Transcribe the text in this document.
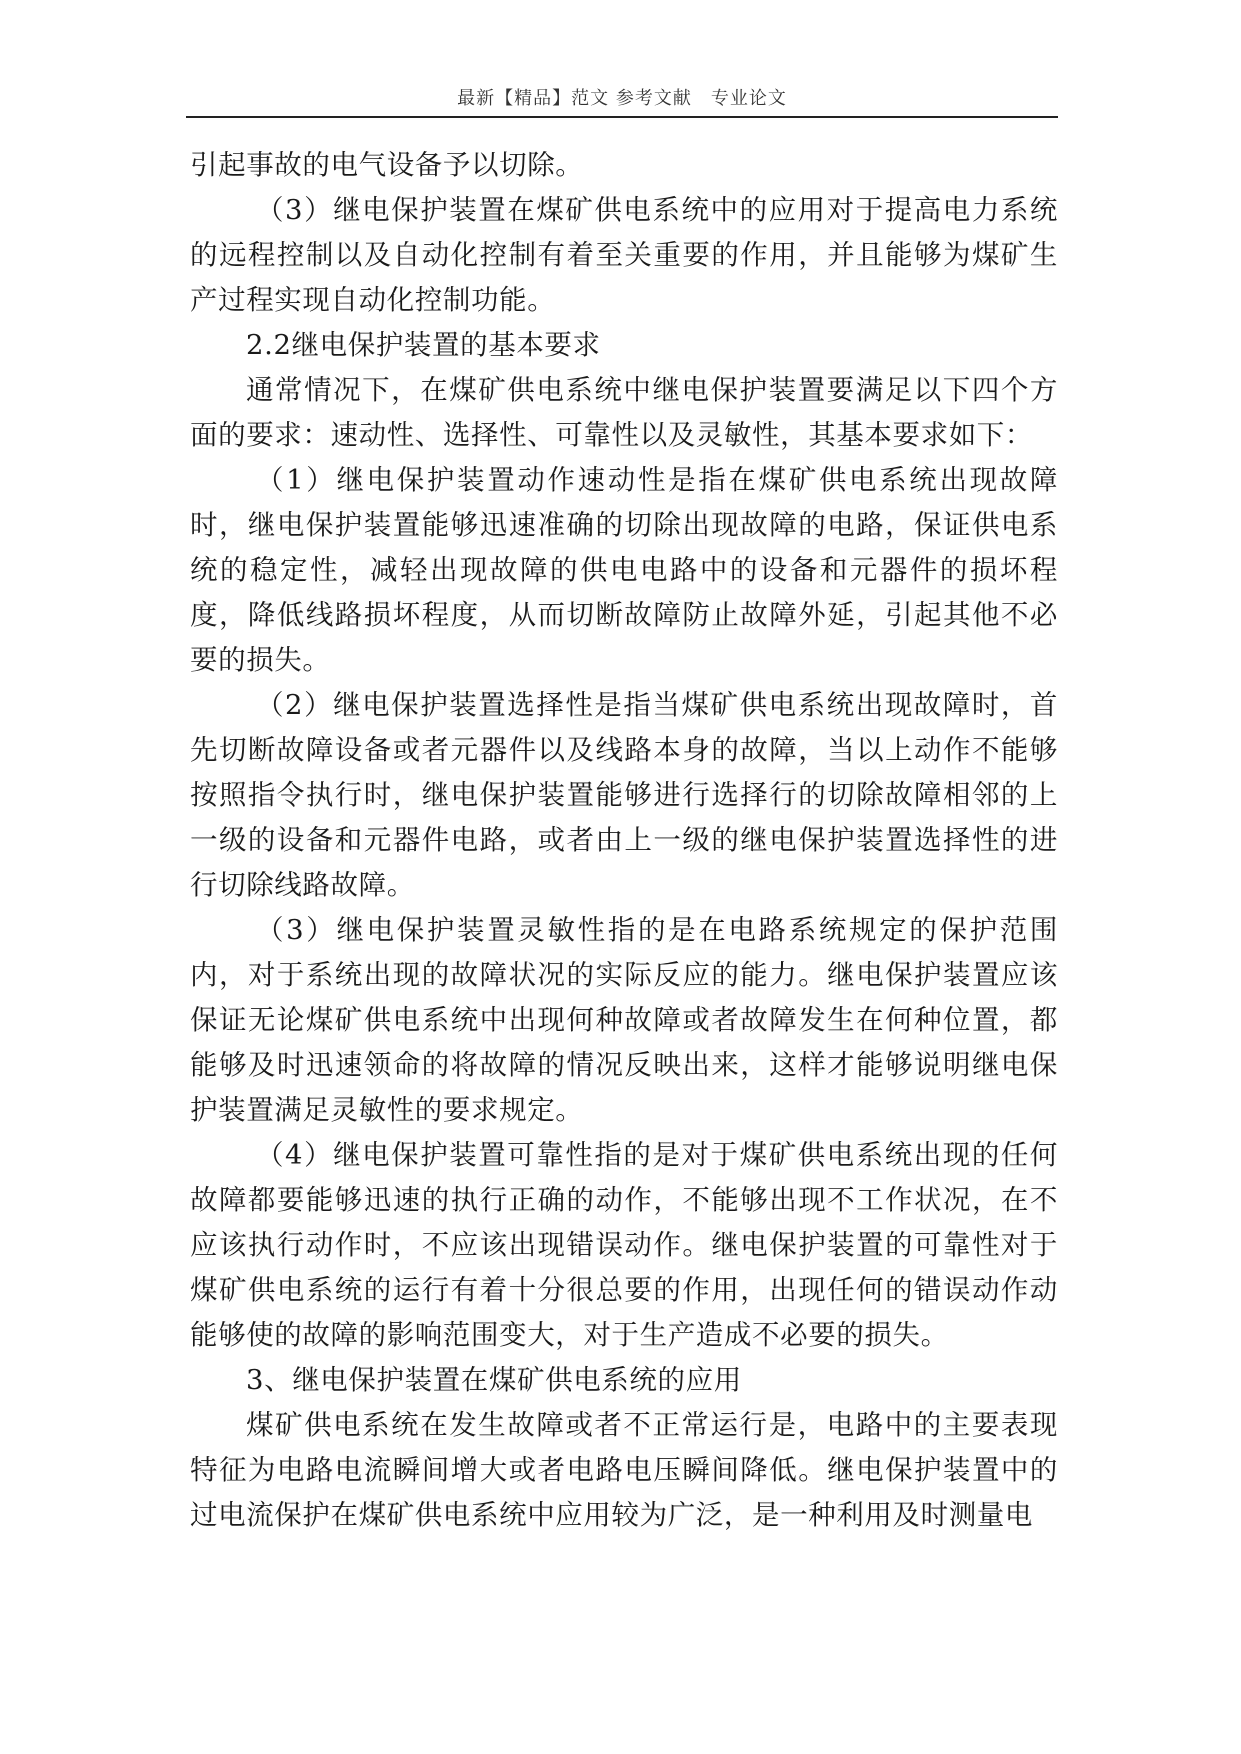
最新【精品】范文 参考文献　专业论文

引起事故的电气设备予以切除。

（3）继电保护装置在煤矿供电系统中的应用对于提高电力系统的远程控制以及自动化控制有着至关重要的作用，并且能够为煤矿生产过程实现自动化控制功能。

2.2继电保护装置的基本要求

通常情况下，在煤矿供电系统中继电保护装置要满足以下四个方面的要求：速动性、选择性、可靠性以及灵敏性，其基本要求如下：

（1）继电保护装置动作速动性是指在煤矿供电系统出现故障时，继电保护装置能够迅速准确的切除出现故障的电路，保证供电系统的稳定性，减轻出现故障的供电电路中的设备和元器件的损坏程度，降低线路损坏程度，从而切断故障防止故障外延，引起其他不必要的损失。

（2）继电保护装置选择性是指当煤矿供电系统出现故障时，首先切断故障设备或者元器件以及线路本身的故障，当以上动作不能够按照指令执行时，继电保护装置能够进行选择行的切除故障相邻的上一级的设备和元器件电路，或者由上一级的继电保护装置选择性的进行切除线路故障。

（3）继电保护装置灵敏性指的是在电路系统规定的保护范围内，对于系统出现的故障状况的实际反应的能力。继电保护装置应该保证无论煤矿供电系统中出现何种故障或者故障发生在何种位置，都能够及时迅速领命的将故障的情况反映出来，这样才能够说明继电保护装置满足灵敏性的要求规定。

（4）继电保护装置可靠性指的是对于煤矿供电系统出现的任何故障都要能够迅速的执行正确的动作，不能够出现不工作状况，在不应该执行动作时，不应该出现错误动作。继电保护装置的可靠性对于煤矿供电系统的运行有着十分很总要的作用，出现任何的错误动作动能够使的故障的影响范围变大，对于生产造成不必要的损失。

3、继电保护装置在煤矿供电系统的应用

煤矿供电系统在发生故障或者不正常运行是，电路中的主要表现特征为电路电流瞬间增大或者电路电压瞬间降低。继电保护装置中的过电流保护在煤矿供电系统中应用较为广泛，是一种利用及时测量电
